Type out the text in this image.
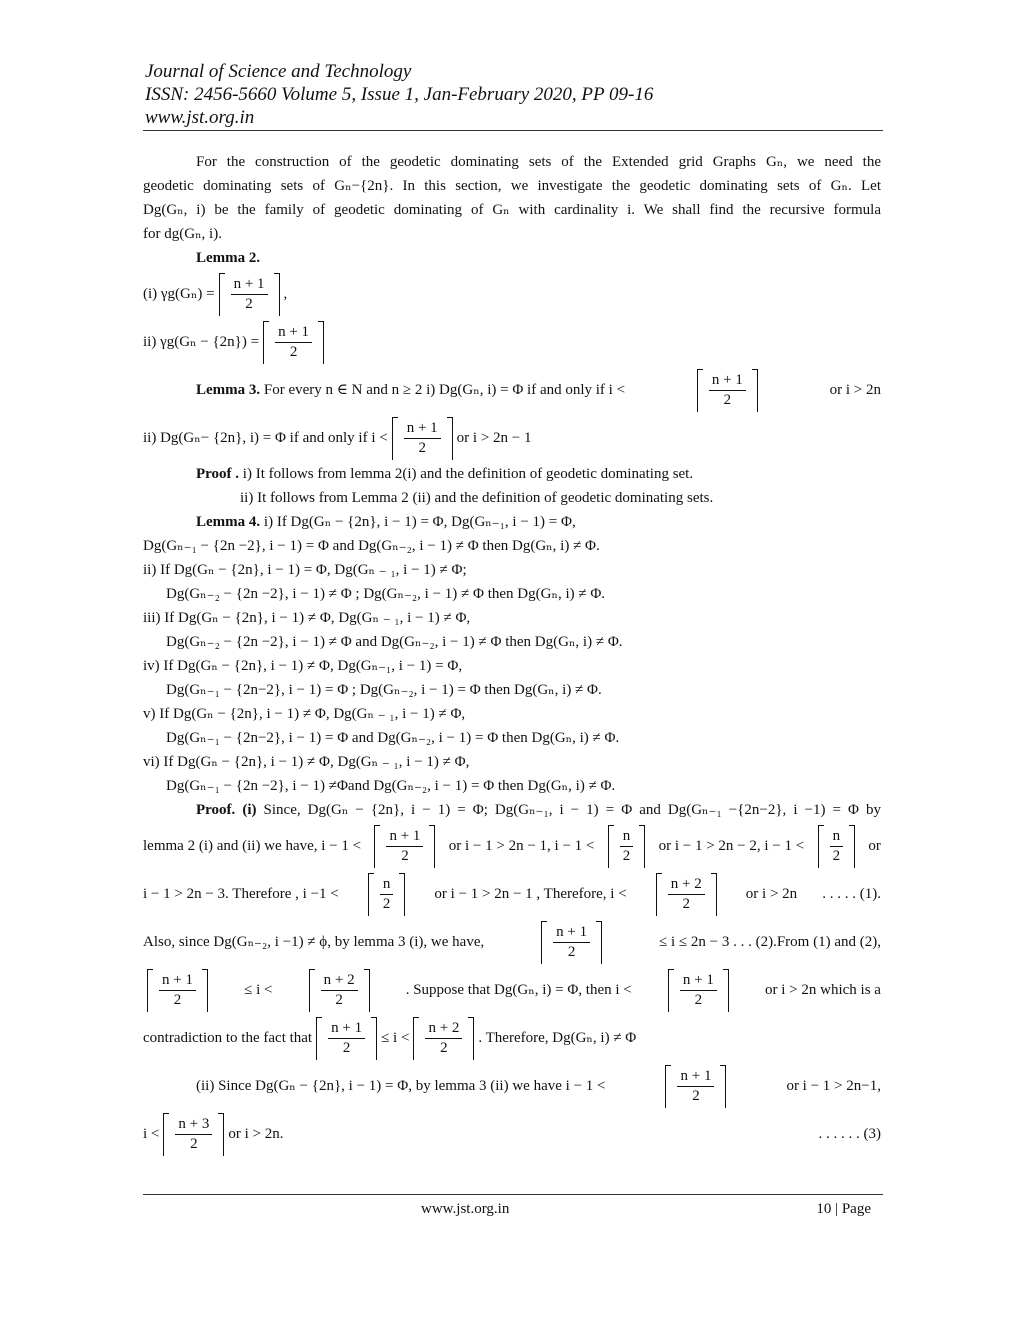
Journal of Science and Technology
ISSN: 2456-5660 Volume 5, Issue 1, Jan-February 2020, PP 09-16
www.jst.org.in
For the construction of the geodetic dominating sets of the Extended grid Graphs Gₙ, we need the
geodetic dominating sets of Gₙ−{2n}. In this section, we investigate the geodetic dominating sets of Gₙ. Let
Dg(Gₙ, i) be the family of geodetic dominating of Gₙ with cardinality i. We shall find the recursive formula
for dg(Gₙ, i).
Lemma 2.
(i) $\gamma g(G_n) = \frac{n + 1}{2}$ ,
ii) $\gamma g(G_n - \{2n\}) = \frac{n + 1}{2}$
Lemma 3. For every n ∈ N and n ≥ 2 i) Dg(Gₙ, i) = Φ if and only if i <	$\frac{n + 1}{2}$	or i > 2n
ii) Dg(Gₙ− {2n}, i) = Φ if and only if $i < \frac{n + 1}{2}$ or i > 2n − 1
Proof . i) It follows from lemma 2(i) and the definition of geodetic dominating set.
ii) It follows from Lemma 2 (ii) and the definition of geodetic dominating sets.
Lemma 4. i) If Dg(Gₙ − {2n}, i − 1) = Φ, Dg(Gₙ₋₁, i − 1) = Φ,
Dg(Gₙ₋₁ − {2n −2}, i − 1) = Φ and Dg(Gₙ₋₂, i − 1) ≠ Φ then Dg(Gₙ, i) ≠ Φ.
ii) If Dg(Gₙ − {2n}, i − 1) = Φ, Dg(Gₙ ₋ ₁, i − 1) ≠ Φ;
Dg(Gₙ₋₂ − {2n −2}, i − 1) ≠ Φ ; Dg(Gₙ₋₂, i − 1) ≠ Φ then Dg(Gₙ, i) ≠ Φ.
iii) If Dg(Gₙ − {2n}, i − 1) ≠ Φ, Dg(Gₙ ₋ ₁, i − 1) ≠ Φ,
Dg(Gₙ₋₂ − {2n −2}, i − 1) ≠ Φ and Dg(Gₙ₋₂, i − 1) ≠ Φ then Dg(Gₙ, i) ≠ Φ.
iv) If Dg(Gₙ − {2n}, i − 1) ≠ Φ, Dg(Gₙ₋₁, i − 1) = Φ,
Dg(Gₙ₋₁ − {2n−2}, i − 1) = Φ ; Dg(Gₙ₋₂, i − 1) = Φ then Dg(Gₙ, i) ≠ Φ.
v) If Dg(Gₙ − {2n}, i − 1) ≠ Φ, Dg(Gₙ ₋ ₁, i − 1) ≠ Φ,
Dg(Gₙ₋₁ − {2n−2}, i − 1) = Φ and Dg(Gₙ₋₂, i − 1) = Φ then Dg(Gₙ, i) ≠ Φ.
vi) If Dg(Gₙ − {2n}, i − 1) ≠ Φ, Dg(Gₙ ₋ ₁, i − 1) ≠ Φ,
Dg(Gₙ₋₁ − {2n −2}, i − 1) ≠Φand Dg(Gₙ₋₂, i − 1) = Φ then Dg(Gₙ, i) ≠ Φ.
Proof. (i) Since, Dg(Gₙ − {2n}, i − 1) = Φ; Dg(Gₙ₋₁, i − 1) = Φ and Dg(Gₙ₋₁ −{2n−2}, i −1) = Φ by
lemma 2 (i) and (ii) we have, $i - 1 < \frac{n + 1}{2}$ or i − 1 > 2n − 1, $i - 1 < \frac{n}{2}$ or i − 1 > 2n − 2, $i - 1 < \frac{n}{2}$ or
i − 1 > 2n − 3. Therefore , $i -1 < \frac{n}{2}$ or i − 1 > 2n − 1 , Therefore, $i < \frac{n + 2}{2}$ or i > 2n . . . . . (1).
Also, since Dg(Gₙ₋₂, i −1) ≠ ϕ, by lemma 3 (i), we have,	$\frac{n + 1}{2}$	≤ i ≤ 2n − 3 . . . (2).From (1) and (2),
$\frac{n + 1}{2}$	≤ i <	$\frac{n + 2}{2}$	. Suppose that Dg(Gₙ, i) = Φ, then i <	$\frac{n + 1}{2}$	or i > 2n which is a
contradiction to the fact that $\frac{n + 1}{2} \le i < \frac{n + 2}{2}$ . Therefore, Dg(Gₙ, i) ≠ Φ
(ii) Since Dg(Gₙ − {2n}, i − 1) = Φ, by lemma 3 (ii) we have i − 1 <	$\frac{n + 1}{2}$	or i − 1 > 2n−1,
$i < \frac{n + 3}{2}$ or i > 2n.	. . . . . . (3)
www.jst.org.in	10 | Page
